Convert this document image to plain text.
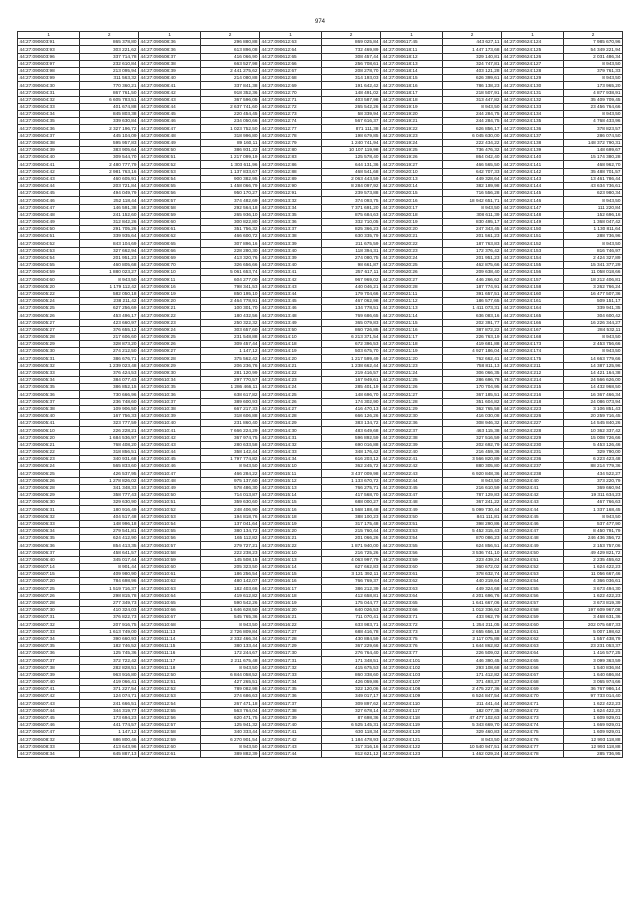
974
1	2	1	2	1	2	1	2	1	2
44:27:090603:91	865 378,80	44:27:090608:36	296 880,88	44:27:090612:63	869 025,84	44:27:090617:45	443 627,11	44:27:090624:124	7 985 670,96
44:27:090603:93	303 221,62	44:27:090608:36	613 896,08	44:27:090612:64	732 469,89	44:27:090618:11	1 447 173,68	44:27:090624:125	54 349 221,94
44:27:090603:96	337 714,78	44:27:090608:37	416 066,90	44:27:090612:65	308 457,44	44:27:090618:12	329 140,81	44:27:090624:126	2 031 486,34
44:27:090603:97	232 610,84	44:27:090608:38	663 527,98	44:27:090612:66	256 708,61	44:27:090618:13	324 747,81	44:27:090624:127	8 943,50
44:27:090603:98	213 095,94	44:27:090608:39	2 441 275,62	44:27:090612:67	208 278,70	44:27:090618:14	403 121,28	44:27:090624:128	379 761,33
44:27:090603:99	311 563,32	44:27:090608:40	214 080,88	44:27:090612:68	314 193,03	44:27:090618:15	626 399,61	44:27:090624:129	8 943,50
44:27:090604:30	770 360,21	44:27:090608:41	337 841,38	44:27:090612:69	191 642,42	44:27:090618:16	786 138,23	44:27:090624:130	173 965,20
44:27:090604:31	867 761,50	44:27:090608:42	918 352,36	44:27:090612:70	148 491,02	44:27:090618:17	218 507,91	44:27:090624:131	4 877 938,91
44:27:090604:32	6 605 783,51	44:27:090608:43	367 596,05	44:27:090612:71	403 587,98	44:27:090618:18	313 447,82	44:27:090624:132	35 409 709,45
44:27:090604:33	401 674,88	44:27:090608:44	2 637 741,60	44:27:090612:72	265 542,26	44:27:090619:19	8 943,50	44:27:090624:133	23 456 764,66
44:27:090604:34	845 803,38	44:27:090608:45	220 454,45	44:27:090612:73	58 339,94	44:27:090619:20	244 284,75	44:27:090624:134	8 943,50
44:27:090604:35	339 630,84	44:27:090608:46	234 050,66	44:27:090612:74	567 616,37	44:27:090619:21	244 284,75	44:27:090624:135	4 768 433,96
44:27:090604:36	2 327 196,72	44:27:090608:47	1 023 752,50	44:27:090612:77	871 111,38	44:27:090619:22	626 856,17	44:27:090624:136	378 823,57
44:27:090604:37	445 104,09	44:27:090608:48	318 996,80	44:27:090612:78	198 679,85	44:27:090619:23	6 045 630,00	44:27:090624:137	286 074,50
44:27:090604:38	595 957,83	44:27:090608:49	89 160,11	44:27:090612:79	1 240 741,94	44:27:090619:24	222 434,22	44:27:090624:138	148 372 790,31
44:27:090604:39	383 905,64	44:27:090608:50	386 931,22	44:27:090612:80	10 107 119,98	44:27:090619:25	736 476,32	44:27:090624:139	148 699,67
44:27:090604:40	309 544,70	44:27:090608:51	1 217 099,19	44:27:090612:83	125 578,40	44:27:090619:26	864 042,40	44:27:090624:140	15 174 380,28
44:27:090604:41	2 480 777,79	44:27:090608:52	1 303 611,96	44:27:090612:86	644 131,36	44:27:090619:27	466 565,50	44:27:090624:141	468 962,70
44:27:090604:42	2 981 763,16	44:27:090608:53	1 137 833,67	44:27:090612:88	468 541,68	44:27:090620:10	642 707,33	44:27:090624:142	35 488 701,57
44:27:090604:43	460 605,91	44:27:090608:54	900 382,95	44:27:090612:89	2 063 443,59	44:27:090620:13	449 328,64	44:27:090624:143	13 461 786,44
44:27:090604:44	203 721,84	44:27:090608:55	1 458 066,79	44:27:090612:90	8 284 097,92	44:27:090620:14	382 189,98	44:27:090624:144	43 634 736,61
44:27:090604:45	494 049,79	44:27:090608:56	950 170,27	44:27:090612:91	239 573,88	44:27:090620:15	716 556,28	44:27:090624:145	623 980,34
44:27:090604:46	252 118,44	44:27:090608:57	374 482,69	44:27:090613:32	374 093,75	44:27:090620:16	18 942 651,71	44:27:090624:146	8 943,50
44:27:090604:47	146 591,38	44:27:090608:58	292 564,18	44:27:090613:34	7 371 691,20	44:27:090620:17	8 943,50	44:27:090624:147	111 220,84
44:27:090604:48	241 152,60	44:27:090608:59	265 936,10	44:27:090613:35	875 684,63	44:27:090620:18	308 611,39	44:27:090624:148	152 696,16
44:27:090604:49	312 842,26	44:27:090608:60	300 822,80	44:27:090613:36	332 710,05	44:27:090620:19	830 495,17	44:27:090624:149	1 368 047,42
44:27:090604:50	291 705,26	44:27:090608:61	351 756,32	44:27:090613:37	825 366,23	44:27:090620:20	247 343,45	44:27:090624:150	1 130 811,64
44:27:090604:51	339 935,64	44:27:090608:62	466 600,72	44:27:090613:38	630 335,79	44:27:090620:21	201 561,23	44:27:090624:151	288 736,96
44:27:090604:52	843 104,69	44:27:090608:65	307 896,16	44:27:090613:39	211 675,59	44:27:090620:22	187 763,83	44:27:090624:152	8 943,50
44:27:090604:53	327 662,94	44:27:090608:66	228 280,30	44:27:090613:40	118 394,31	44:27:090620:23	172 376,42	44:27:090624:153	816 746,97
44:27:090604:54	201 951,23	44:27:090608:69	413 320,76	44:27:090613:39	274 080,75	44:27:090620:24	201 951,23	44:27:090624:154	2 424 327,89
44:27:090604:55	460 805,68	44:27:090608:70	326 656,66	44:27:090613:40	98 661,87	44:27:090620:25	462 875,66	44:27:090624:155	15 341 377,29
44:27:090604:59	1 880 023,27	44:27:090609:10	5 061 653,74	44:27:090613:41	257 617,11	44:27:090620:26	209 638,40	44:27:090624:156	11 058 018,66
44:27:090604:60	8 943,50	44:27:090609:11	604 277,00	44:27:090613:42	967 969,02	44:27:090620:27	446 266,62	44:27:090624:157	18 212 406,81
44:27:090605:20	1 179 112,42	44:27:090609:16	798 341,53	44:27:090613:43	440 046,21	44:27:090620:28	187 774,91	44:27:090624:158	3 262 766,24
44:27:090605:22	582 050,18	44:27:090609:19	850 195,10	44:27:090613:44	179 704,66	44:27:090621:11	391 657,51	44:27:090624:160	16 477 507,36
44:27:090605:24	238 211,42	44:27:090609:20	2 464 778,91	44:27:090613:45	467 062,98	44:27:090621:12	186 577,65	44:27:090624:161	509 151,17
44:27:090605:25	627 256,69	44:27:090609:21	100 301,70	44:27:090613:46	134 778,51	44:27:090621:13	1 411 073,31	44:27:090624:164	339 941,35
44:27:090605:26	453 496,17	44:27:090609:22	180 432,56	44:27:090613:48	769 686,65	44:27:090621:14	636 083,16	44:27:090624:165	304 600,42
44:27:090605:27	423 660,97	44:27:090609:23	250 322,32	44:27:090613:49	365 079,83	44:27:090621:15	202 391,77	44:27:090624:166	16 226 344,27
44:27:090605:27	376 655,12	44:27:090609:24	303 657,60	44:27:090613:50	860 726,85	44:27:090621:16	387 872,22	44:27:090624:167	284 532,11
44:27:090605:28	217 606,60	44:27:090609:25	231 548,88	44:27:090614:10	6 213 371,54	44:27:090621:17	226 763,19	44:27:090624:168	8 943,50
44:27:090605:29	328 873,20	44:27:090609:26	309 457,44	44:27:090614:18	672 396,53	44:27:090621:18	419 681,88	44:27:090624:173	2 453 756,66
44:27:090605:30	274 212,50	44:27:090609:27	1 147,12	44:27:090614:19	503 675,70	44:27:090621:19	4 927 186,04	44:27:090624:174	8 943,50
44:27:090605:31	386 676,71	44:27:090609:28	375 562,42	44:27:090614:20	1 217 599,49	44:27:090621:20	762 662,41	44:27:090624:175	14 663 779,66
44:27:090605:32	1 239 023,48	44:27:090609:29	206 236,76	44:27:090614:21	1 238 662,44	44:27:090621:23	758 811,13	44:27:090624:211	14 387 125,96
44:27:090605:33	376 424,53	44:27:090609:30	281 120,99	44:27:090614:22	219 416,57	44:27:090621:24	306 066,35	44:27:090624:212	14 421 164,38
44:27:090605:34	384 077,43	44:27:090610:34	297 770,57	44:27:090614:23	167 949,61	44:27:090621:25	286 696,78	44:27:090624:214	24 566 626,00
44:27:090605:35	386 852,15	44:27:090610:35	1 286 466,11	44:27:090614:24	285 401,19	44:27:090621:26	170 704,95	44:27:090624:215	14 432 968,50
44:27:090605:36	730 666,96	44:27:090610:36	638 617,82	44:27:090614:25	148 696,70	44:27:090621:27	367 185,51	44:27:090624:216	16 367 466,34
44:27:090605:37	236 748,60	44:27:090610:37	389 600,93	44:27:090614:26	174 302,90	44:27:090621:28	351 604,82	44:27:090624:218	24 086 073,94
44:27:090605:38	109 906,50	44:27:090610:38	667 217,33	44:27:090614:27	416 470,13	44:27:090621:29	362 765,58	44:27:090624:223	3 106 851,43
44:27:090605:40	167 756,33	44:27:090610:39	318 606,88	44:27:090614:28	666 126,26	44:27:090622:30	416 030,08	44:27:090624:226	20 259 716,45
44:27:090605:41	323 777,59	44:27:090610:40	231 860,40	44:27:090614:29	383 134,72	44:27:090622:36	308 946,32	44:27:090624:227	14 545 840,26
44:27:090606:10	226 228,21	44:27:090610:41	7 666 224,29	44:27:090614:30	483 649,68	44:27:090622:37	463 115,38	44:27:090624:228	10 362 337,42
44:27:090606:20	1 684 536,97	44:27:090610:42	367 974,75	44:27:090614:31	596 892,59	44:27:090622:38	327 516,59	44:27:090624:229	15 008 726,66
44:27:090606:21	768 408,20	44:27:090610:43	280 633,58	44:27:090614:32	690 016,88	44:27:090622:39	202 692,79	44:27:090624:230	5 453 126,46
44:27:090606:22	318 856,51	44:27:090610:44	358 142,44	44:27:090614:33	348 176,42	44:27:090622:40	216 459,36	44:27:090624:231	329 790,00
44:27:090606:23	340 931,68	44:27:090610:45	1 797 774,82	44:27:090614:34	616 203,12	44:27:090622:41	3 566 820,89	44:27:090624:236	6 223 423,48
44:27:090606:24	565 833,60	44:27:090610:46	8 943,50	44:27:090615:10	362 245,72	44:27:090622:42	880 305,80	44:27:090624:237	88 214 779,36
44:27:090606:25	426 537,95	44:27:090610:47	466 284,22	44:27:090615:11	3 437 009,98	44:27:090622:43	6 920 848,36	44:27:090624:238	434 522,27
44:27:090606:26	1 278 826,02	44:27:090610:48	975 137,60	44:27:090615:12	1 133 670,72	44:27:090622:44	8 943,50	44:27:090624:40	373 220,79
44:27:090606:28	341 348,33	44:27:090610:49	578 486,30	44:27:090615:13	766 275,71	44:27:090623:45	216 610,59	44:27:090624:41	369 660,94
44:27:090606:29	358 777,43	44:27:090610:50	714 013,87	44:27:090615:14	417 568,70	44:27:090623:47	787 129,83	44:27:090624:42	19 311 634,23
44:27:090606:30	329 630,90	44:27:090610:51	359 630,60	44:27:090615:15	688 000,27	44:27:090623:48	367 241,22	44:27:090624:43	467 766,63
44:27:090606:31	180 916,49	44:27:090610:52	248 406,90	44:27:090615:16	1 568 188,48	44:27:090623:49	5 099 730,44	44:27:090624:44	1 337 168,45
44:27:090606:32	404 517,48	44:27:090610:53	194 818,76	44:27:090615:18	388 100,23	44:27:090623:50	841 111,81	44:27:090624:45	8 943,50
44:27:090606:33	148 996,18	44:27:090610:54	137 041,64	44:27:090615:19	317 175,48	44:27:090623:51	398 290,86	44:27:090624:46	537 477,90
44:27:090606:34	279 541,81	44:27:090610:55	380 134,72	44:27:090615:20	215 760,44	44:27:090623:53	5 452 315,43	44:27:090624:47	8 450 791,79
44:27:090606:35	624 412,90	44:27:090610:56	165 112,82	44:27:090615:21	201 066,26	44:27:090623:54	870 086,23	44:27:090624:48	246 436 356,72
44:27:090606:36	854 413,35	44:27:090610:57	279 727,21	44:27:090615:22	1 871 940,00	44:27:090623:55	624 856,51	44:27:090624:49	2 153 757,06
44:27:090606:37	458 641,57	44:27:090610:58	222 238,23	44:27:090616:10	216 725,26	44:27:090623:56	3 536 741,10	44:27:090624:50	49 429 821,72
44:27:090606:40	345 017,44	44:27:090610:59	145 508,15	44:27:090616:13	4 063 997,79	44:27:090623:59	223 439,24	44:27:090624:51	2 235 455,62
44:27:090607:14	8 901,44	44:27:090610:60	205 323,50	44:27:090616:14	627 662,83	44:27:090623:60	360 672,02	44:27:090624:52	1 624 422,23
44:27:090607:15	409 980,90	44:27:090610:61	186 256,54	44:27:090616:15	3 121 392,11	44:27:090623:61	378 632,74	44:27:090624:53	11 056 667,46
44:27:090607:20	784 698,96	44:27:090610:62	480 142,07	44:27:090616:16	766 769,37	44:27:090623:62	440 219,64	44:27:090624:54	4 366 036,61
44:27:090607:25	1 519 716,37	44:27:090610:63	182 403,66	44:27:090616:17	386 212,39	44:27:090623:63	449 324,68	44:27:090624:55	3 673 494,30
44:27:090607:26	298 815,78	44:27:090610:64	419 612,82	44:27:090616:18	412 658,81	44:27:090623:64	4 201 696,76	44:27:090624:56	1 622 422,23
44:27:090607:28	277 349,73	44:27:090610:65	590 542,26	44:27:090616:19	175 044,77	44:27:090623:65	1 641 667,06	44:27:090624:57	3 673 819,39
44:27:090607:30	410 324,03	44:27:090610:66	1 646 628,50	44:27:090616:20	640 026,53	44:27:090623:66	1 012 336,62	44:27:090624:58	197 609 967,08
44:27:090607:31	376 822,73	44:27:090610:67	545 765,36	44:27:090616:21	711 070,41	44:27:090623:71	433 962,79	44:27:090624:59	3 468 631,36
44:27:090607:32	207 916,75	44:27:090610:68	8 943,50	44:27:090616:22	633 983,71	44:27:090623:72	1 254 211,05	44:27:090624:60	202 075 687,33
44:27:090607:33	1 613 749,00	44:27:090611:13	2 726 809,84	44:27:090617:27	688 416,78	44:27:090623:73	2 655 656,18	44:27:090624:61	5 007 198,62
44:27:090607:34	390 660,93	44:27:090611:14	2 332 466,34	44:27:090617:28	430 884,59	44:27:090623:75	2 117 075,88	44:27:090624:62	1 557 438,79
44:27:090607:35	182 746,52	44:27:090611:15	380 133,44	44:27:090617:29	367 229,66	44:27:090623:76	1 644 862,82	44:27:090624:63	23 231 053,37
44:27:090607:36	125 745,36	44:27:090611:16	172 244,67	44:27:090617:30	276 764,40	44:27:090623:77	226 509,02	44:27:090624:64	1 416 577,25
44:27:090607:37	372 722,42	44:27:090611:17	2 211 675,48	44:27:090617:31	171 348,51	44:27:090624:101	446 390,45	44:27:090624:65	3 099 363,59
44:27:090607:38	282 828,51	44:27:090611:18	8 943,50	44:27:090617:32	415 675,53	44:27:090624:102	293 108,68	44:27:090624:66	1 540 836,84
44:27:090607:39	963 916,80	44:27:090612:50	6 844 058,52	44:27:090617:33	860 338,60	44:27:090624:103	171 412,82	44:27:090624:67	1 640 686,84
44:27:090607:40	419 066,41	44:27:090612:51	427 265,51	44:27:090617:34	426 059,86	44:27:090624:107	371 493,27	44:27:090624:68	3 065 974,66
44:27:090607:41	371 227,54	44:27:090612:52	789 082,98	44:27:090617:35	322 120,06	44:27:090624:108	2 475 227,36	44:27:090624:69	36 767 986,14
44:27:090607:42	124 074,71	44:27:090612:53	274 686,63	44:27:090617:36	349 017,17	44:27:090624:109	6 524 847,54	44:27:090624:70	97 733 014,40
44:27:090607:43	241 666,51	44:27:090612:54	267 471,18	44:27:090617:37	309 897,62	44:27:090624:110	211 441,44	44:27:090624:71	1 622 422,23
44:27:090607:44	344 319,77	44:27:090612:55	563 764,04	44:27:090617:38	327 678,14	44:27:090624:117	182 077,35	44:27:090624:72	1 624 422,23
44:27:090607:45	173 694,23	44:27:090612:56	620 471,75	44:27:090617:39	87 698,36	44:27:090624:118	47 477 102,63	44:27:090624:73	1 609 929,01
44:27:090607:46	441 774,57	44:27:090612:57	125 941,32	44:27:090617:40	6 525 145,31	44:27:090624:119	5 343 669,70	44:27:090624:74	1 669 929,01
44:27:090607:47	1 147,12	44:27:090612:58	340 333,44	44:27:090617:41	630 118,34	44:27:090624:120	329 460,83	44:27:090624:75	1 609 929,01
44:27:090608:32	686 800,46	44:27:090612:59	6 270 901,54	44:27:090617:42	1 184 478,93	44:27:090624:121	8 943,50	44:27:090624:76	12 993 118,88
44:27:090608:33	413 643,96	44:27:090612:60	8 943,50	44:27:090617:43	317 316,16	44:27:090624:122	10 540 947,51	44:27:090624:77	12 993 118,88
44:27:090608:34	645 887,13	44:27:090612:61	389 882,39	44:27:090617:44	812 621,12	44:27:090624:123	1 462 029,24	44:27:090624:78	285 736,95
